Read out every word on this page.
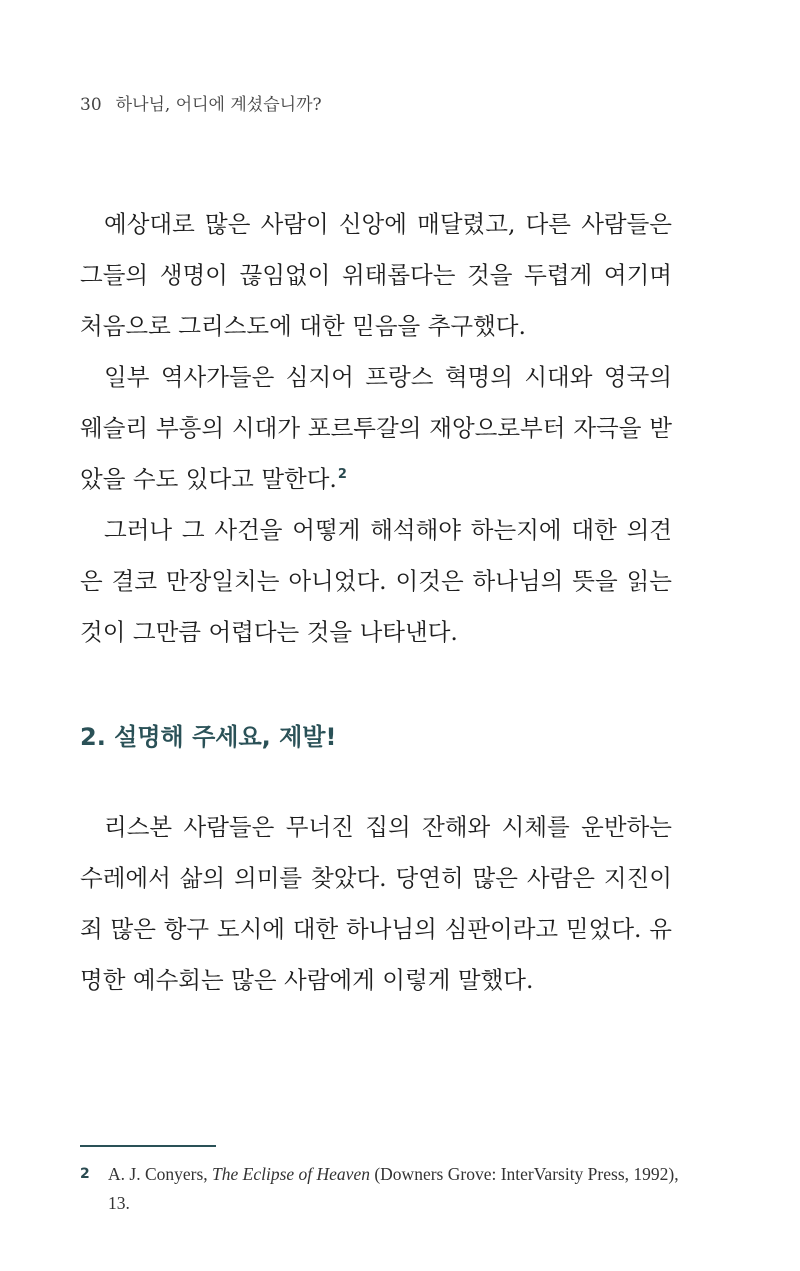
30 하나님, 어디에 계셨습니까?

예상대로 많은 사람이 신앙에 매달렸고, 다른 사람들은 그들의 생명이 끊임없이 위태롭다는 것을 두렵게 여기며 처음으로 그리스도에 대한 믿음을 추구했다.

일부 역사가들은 심지어 프랑스 혁명의 시대와 영국의 웨슬리 부흥의 시대가 포르투갈의 재앙으로부터 자극을 받았을 수도 있다고 말한다.$^2$

그러나 그 사건을 어떻게 해석해야 하는지에 대한 의견은 결코 만장일치는 아니었다. 이것은 하나님의 뜻을 읽는 것이 그만큼 어렵다는 것을 나타낸다.

2. 설명해 주세요, 제발!

리스본 사람들은 무너진 집의 잔해와 시체를 운반하는 수레에서 삶의 의미를 찾았다. 당연히 많은 사람은 지진이 죄 많은 항구 도시에 대한 하나님의 심판이라고 믿었다. 유명한 예수회는 많은 사람에게 이렇게 말했다.

2 A. J. Conyers, The Eclipse of Heaven (Downers Grove: InterVarsity Press, 1992), 13.
